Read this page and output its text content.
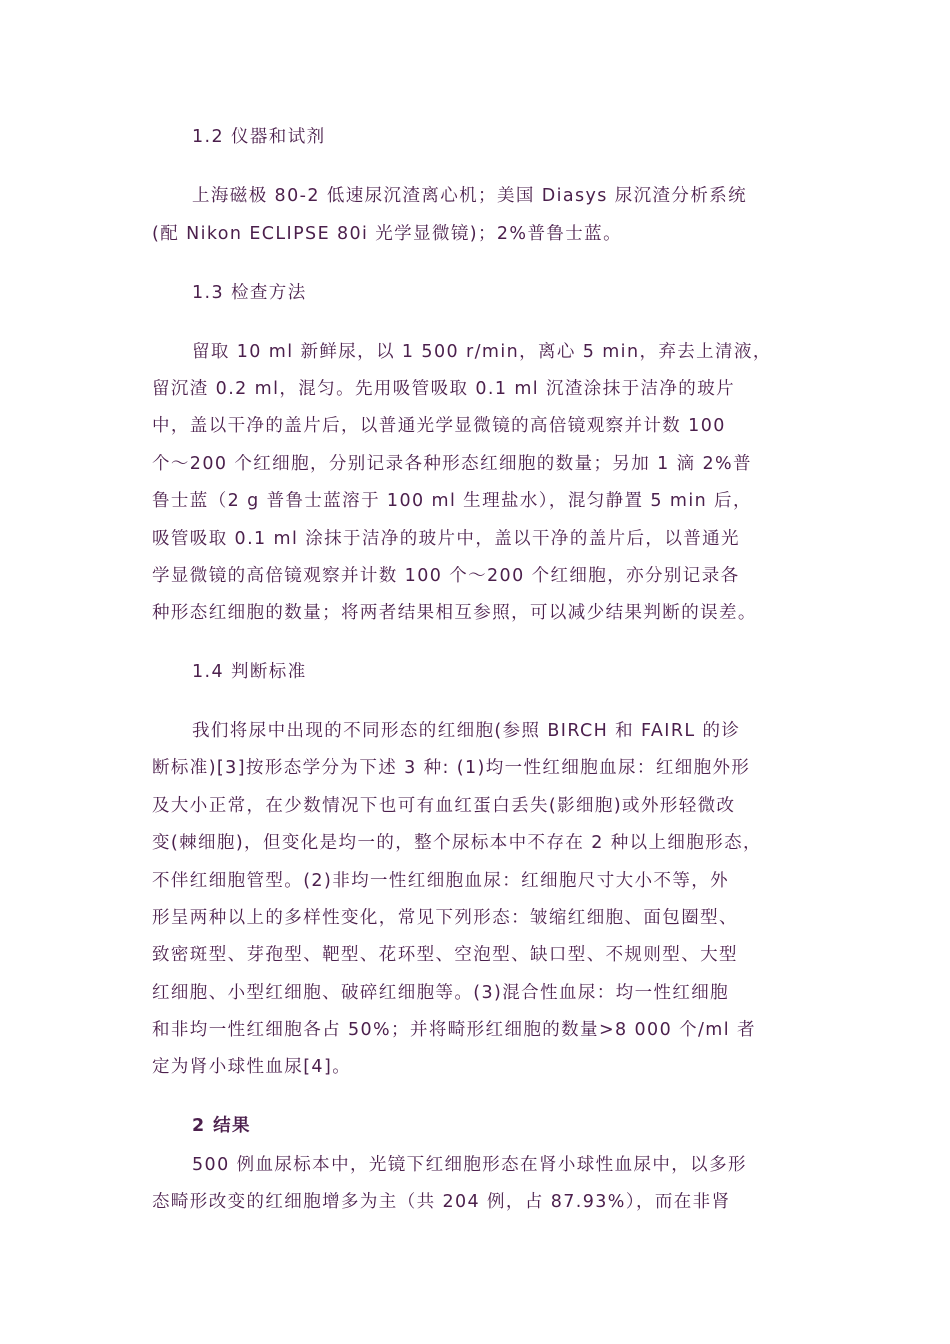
1.2 仪器和试剂
上海磁极 80-2 低速尿沉渣离心机；美国 Diasys 尿沉渣分析系统
(配 Nikon ECLIPSE 80i 光学显微镜)；2%普鲁士蓝。
1.3 检查方法
留取 10 ml 新鲜尿，以 1 500 r/min，离心 5 min，弃去上清液，
留沉渣 0.2 ml，混匀。先用吸管吸取 0.1 ml 沉渣涂抹于洁净的玻片
中，盖以干净的盖片后，以普通光学显微镜的高倍镜观察并计数 100
个～200 个红细胞，分别记录各种形态红细胞的数量；另加 1 滴 2%普
鲁士蓝（2 g 普鲁士蓝溶于 100 ml 生理盐水），混匀静置 5 min 后，
吸管吸取 0.1 ml 涂抹于洁净的玻片中，盖以干净的盖片后，以普通光
学显微镜的高倍镜观察并计数 100 个～200 个红细胞，亦分别记录各
种形态红细胞的数量；将两者结果相互参照，可以减少结果判断的误差。
1.4 判断标准
我们将尿中出现的不同形态的红细胞(参照 BIRCH 和 FAIRL 的诊
断标准)[3]按形态学分为下述 3 种: (1)均一性红细胞血尿：红细胞外形
及大小正常，在少数情况下也可有血红蛋白丢失(影细胞)或外形轻微改
变(棘细胞)，但变化是均一的，整个尿标本中不存在 2 种以上细胞形态，
不伴红细胞管型。(2)非均一性红细胞血尿：红细胞尺寸大小不等，外
形呈两种以上的多样性变化，常见下列形态：皱缩红细胞、面包圈型、
致密斑型、芽孢型、靶型、花环型、空泡型、缺口型、不规则型、大型
红细胞、小型红细胞、破碎红细胞等。(3)混合性血尿：均一性红细胞
和非均一性红细胞各占 50%；并将畸形红细胞的数量>8 000 个/ml 者
定为肾小球性血尿[4]。
2 结果
500 例血尿标本中，光镜下红细胞形态在肾小球性血尿中，以多形
态畸形改变的红细胞增多为主（共 204 例，占 87.93%），而在非肾
